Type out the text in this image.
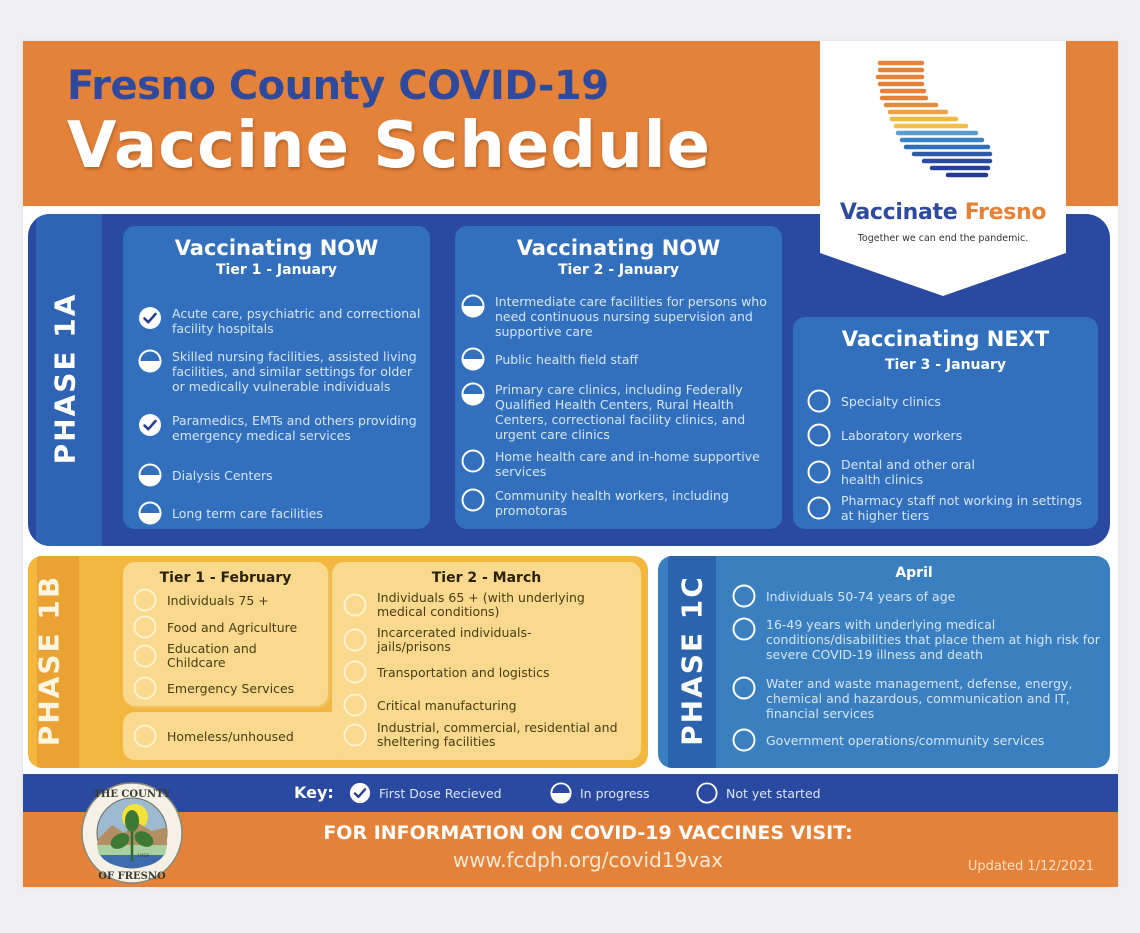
Fresno County COVID-19
Vaccine Schedule
Vaccinate Fresno
Together we can end the pandemic.
PHASE 1A
Vaccinating NOW
Tier 1 - January
Acute care, psychiatric and correctional facility hospitals
Skilled nursing facilities, assisted living facilities, and similar settings for older or medically vulnerable individuals
Paramedics, EMTs and others providing emergency medical services
Dialysis Centers
Long term care facilities
Vaccinating NOW
Tier 2 - January
Intermediate care facilities for persons who need continuous nursing supervision and supportive care
Public health field staff
Primary care clinics, including Federally Qualified Health Centers, Rural Health Centers, correctional facility clinics, and urgent care clinics
Home health care and in-home supportive services
Community health workers, including promotoras
Vaccinating NEXT
Tier 3 - January
Specialty clinics
Laboratory workers
Dental and other oral health clinics
Pharmacy staff not working in settings at higher tiers
PHASE 1B	Tier 2 - March
Tier 1 - February
Individuals 75 +
Food and Agriculture
Education and Childcare
Emergency Services
Homeless/unhoused
Individuals 65 + (with underlying medical conditions)
Incarcerated individuals-jails/prisons
Transportation and logistics
Critical manufacturing
Industrial, commercial, residential and sheltering facilities	PHASE 1C
April
Individuals 50-74 years of age
16-49 years with underlying medical conditions/disabilities that place them at high risk for severe COVID-19 illness and death
Water and waste management, defense, energy, chemical and hazardous, communication and IT, financial services
Government operations/community services
Key:	First Dose Recieved	In progress	Not yet started
FOR INFORMATION ON COVID-19 VACCINES VISIT:
www.fcdph.org/covid19vax	Updated 1/12/2021
THE COUNTY
OF FRESNO
1856
